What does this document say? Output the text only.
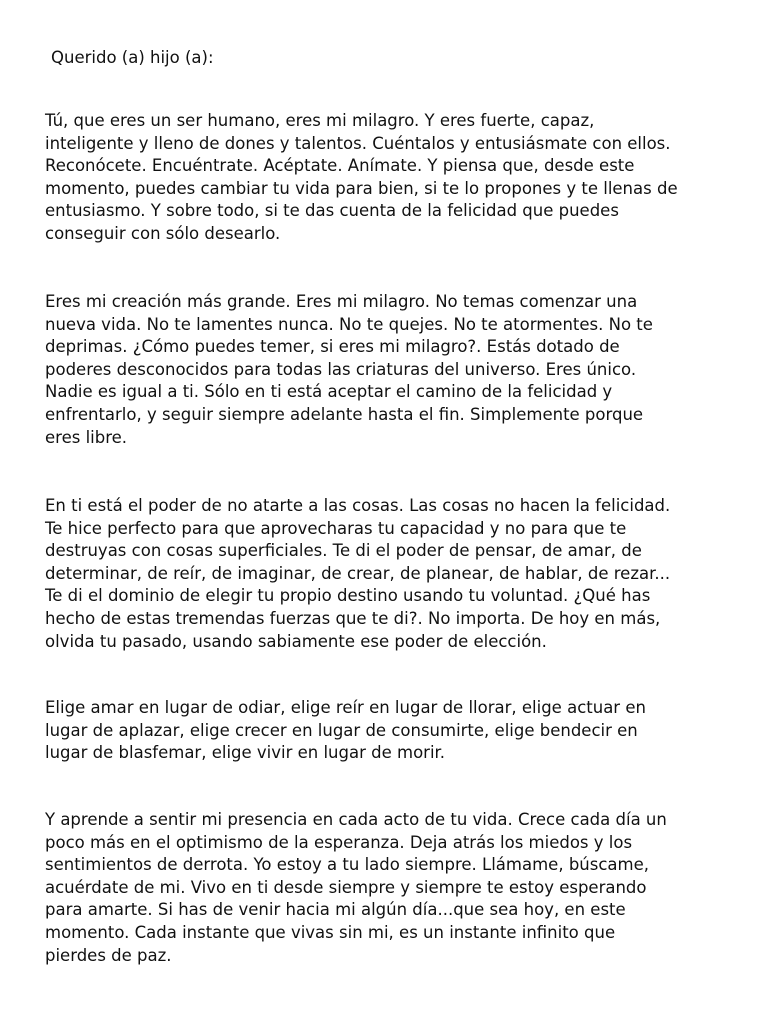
Querido (a) hijo (a):

Tú, que eres un ser humano, eres mi milagro. Y eres fuerte, capaz,
inteligente y lleno de dones y talentos. Cuéntalos y entusiásmate con ellos.
Reconócete. Encuéntrate. Acéptate. Anímate. Y piensa que, desde este
momento, puedes cambiar tu vida para bien, si te lo propones y te llenas de
entusiasmo. Y sobre todo, si te das cuenta de la felicidad que puedes
conseguir con sólo desearlo.

Eres mi creación más grande. Eres mi milagro. No temas comenzar una
nueva vida. No te lamentes nunca. No te quejes. No te atormentes. No te
deprimas. ¿Cómo puedes temer, si eres mi milagro?. Estás dotado de
poderes desconocidos para todas las criaturas del universo. Eres único.
Nadie es igual a ti. Sólo en ti está aceptar el camino de la felicidad y
enfrentarlo, y seguir siempre adelante hasta el fin. Simplemente porque
eres libre.

En ti está el poder de no atarte a las cosas. Las cosas no hacen la felicidad.
Te hice perfecto para que aprovecharas tu capacidad y no para que te
destruyas con cosas superficiales. Te di el poder de pensar, de amar, de
determinar, de reír, de imaginar, de crear, de planear, de hablar, de rezar...
Te di el dominio de elegir tu propio destino usando tu voluntad. ¿Qué has
hecho de estas tremendas fuerzas que te di?. No importa. De hoy en más,
olvida tu pasado, usando sabiamente ese poder de elección.

Elige amar en lugar de odiar, elige reír en lugar de llorar, elige actuar en
lugar de aplazar, elige crecer en lugar de consumirte, elige bendecir en
lugar de blasfemar, elige vivir en lugar de morir.

Y aprende a sentir mi presencia en cada acto de tu vida. Crece cada día un
poco más en el optimismo de la esperanza. Deja atrás los miedos y los
sentimientos de derrota. Yo estoy a tu lado siempre. Llámame, búscame,
acuérdate de mi. Vivo en ti desde siempre y siempre te estoy esperando
para amarte. Si has de venir hacia mi algún día...que sea hoy, en este
momento. Cada instante que vivas sin mi, es un instante infinito que
pierdes de paz.
